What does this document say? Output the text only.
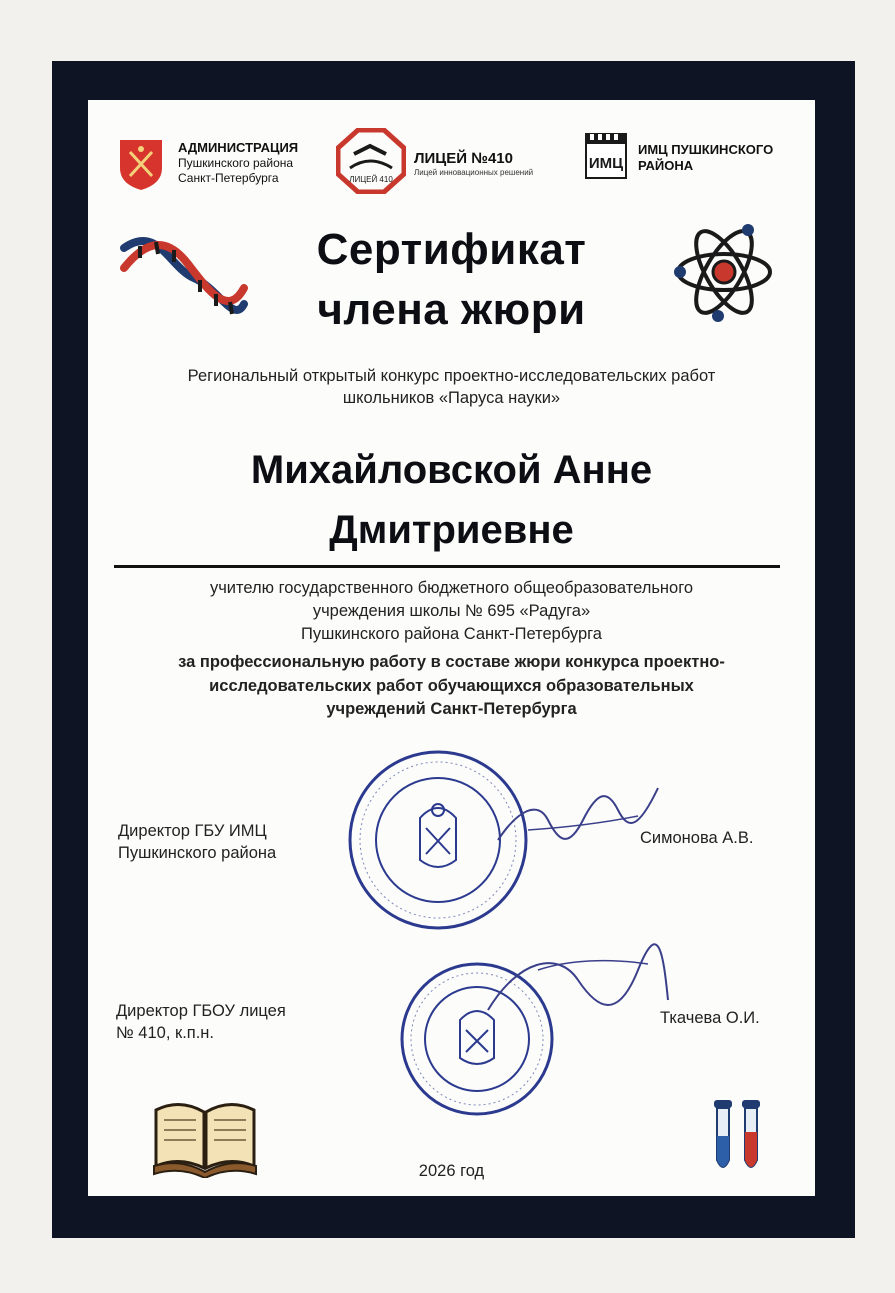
АДМИНИСТРАЦИЯ
Пушкинского района
Санкт-Петербурга	ЛИЦЕЙ 410
ЛИЦЕЙ №410
Лицей инновационных решений
ИМЦ
ИМЦ ПУШКИНСКОГО
РАЙОНА
Сертификат
члена жюри
Региональный открытый конкурс проектно-исследовательских работ
школьников «Паруса науки»
Михайловской Анне
Дмитриевне
учителю государственного бюджетного общеобразовательного
учреждения школы № 695 «Радуга»
Пушкинского района Санкт-Петербурга
за профессиональную работу в составе жюри конкурса проектно-
исследовательских работ обучающихся образовательных
учреждений Санкт-Петербурга
Директор ГБУ ИМЦ
Пушкинского района
Симонова А.В.
Директор ГБОУ лицея
№ 410, к.п.н.
Ткачева О.И.
2026 год
